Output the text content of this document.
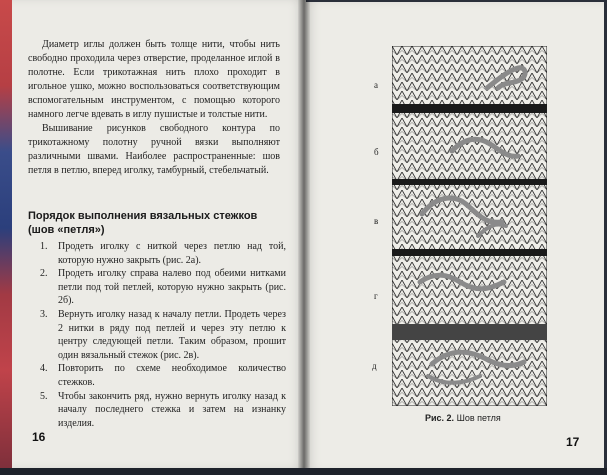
Диаметр иглы должен быть толще нити, чтобы нить свободно проходила через отверстие, проделанное иглой в полотне. Если трикотажная нить плохо проходит в игольное ушко, можно воспользоваться соответствующим вспомогательным инструментом, с помощью которого намного легче вдевать в иглу пушистые и толстые нити.

Вышивание рисунков свободного контура по трикотажному полотну ручной вязки выполняют различными швами. Наиболее распространенные: шов петля в петлю, вперед иголку, тамбурный, стебельчатый.

Порядок выполнения вязальных стежков
(шов «петля»)
1. Продеть иголку с ниткой через петлю над той, которую нужно закрыть (рис. 2а).
2. Продеть иголку справа налево под обеими нитками петли под той петлей, которую нужно закрыть (рис. 2б).
3. Вернуть иголку назад к началу петли. Продеть через 2 нитки в ряду под петлей и через эту петлю к центру следующей петли. Таким образом, прошит один вязальный стежок (рис. 2в).
4. Повторить по схеме необходимое количество стежков.
5. Чтобы закончить ряд, нужно вернуть иголку назад к началу последнего стежка и затем на изнанку изделия.
16
а
б
в
г
д
Рис. 2. Шов петля
17
